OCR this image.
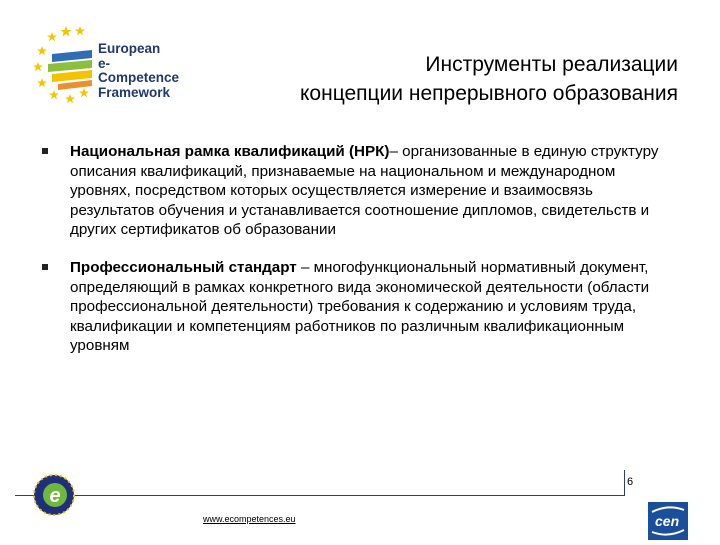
European
e-Competence
Framework
Инструменты реализации
концепции непрерывного образования
Национальная рамка квалификаций (НРК)– организованные в единую структуру описания квалификаций, признаваемые на национальном и международном уровнях, посредством которых осуществляется измерение и взаимосвязь результатов обучения и устанавливается соотношение дипломов, свидетельств и других сертификатов об образовании
Профессиональный стандарт – многофункциональный нормативный документ, определяющий в рамках конкретного вида экономической деятельности (области профессиональной деятельности) требования к содержанию и условиям труда, квалификации и компетенциям работников по различным квалификационным уровням
e
www.ecompetences.eu
6
cen
